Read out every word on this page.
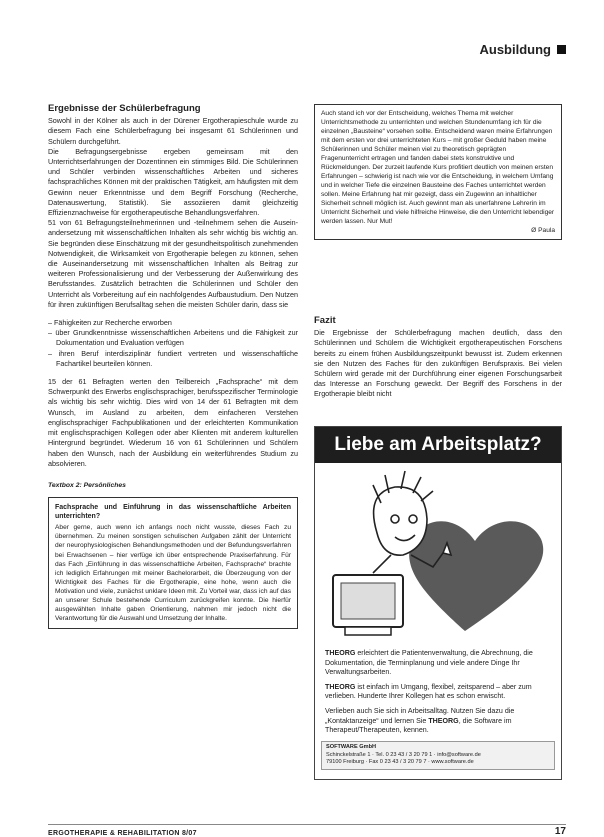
Ausbildung
Ergebnisse der Schülerbefragung

Sowohl in der Kölner als auch in der Dürener Ergotherapieschule wurde zu diesem Fach eine Schülerbefragung bei insgesamt 61 Schülerinnen und Schülern durchgeführt.

Die Befragungsergebnisse ergeben gemeinsam mit den Unterrichtserfahrungen der Dozentinnen ein stimmiges Bild. Die Schülerinnen und Schüler verbinden wissenschaftliches Arbeiten und sicheres fachsprachliches Können mit der praktischen Tätigkeit, am häufigsten mit dem Gewinn neuer Erkenntnisse und dem Begriff Forschung (Recherche, Datenauswertung, Statistik). Sie assoziieren damit gleichzeitig Effizienznachweise für ergotherapeutische Behandlungsverfahren.

51 von 61 Befragungsteilnehmerinnen und -teilnehmern sehen die Auseinandersetzung mit wissenschaftlichen Inhalten als sehr wichtig bis wichtig an. Sie begründen diese Einschätzung mit der gesundheitspolitisch zunehmenden Notwendigkeit, die Wirksamkeit von Ergotherapie belegen zu können, sehen die Auseinandersetzung mit wissenschaftlichen Inhalten als Beitrag zur weiteren Professionalisierung und der Verbesserung der Außenwirkung des Berufsstandes. Zusätzlich betrachten die Schülerinnen und Schüler den Unterricht als Vorbereitung auf ein nachfolgendes Aufbaustudium. Den Nutzen für ihren zukünftigen Berufsalltag sehen die meisten Schüler darin, dass sie

– Fähigkeiten zur Recherche erworben
– über Grundkenntnisse wissenschaftlichen Arbeitens und die Fähigkeit zur Dokumentation und Evaluation verfügen
– ihren Beruf interdisziplinär fundiert vertreten und wissenschaftliche Fachartikel beurteilen können.

15 der 61 Befragten werten den Teilbereich „Fachsprache“ mit dem Schwerpunkt des Erwerbs englischsprachiger, berufsspezifischer Terminologie als wichtig bis sehr wichtig. Dies wird von 14 der 61 Befragten mit dem Wunsch, im Ausland zu arbeiten, dem einfacheren Verstehen englischsprachiger Fachpublikationen und der erleichterten Kommunikation mit englischsprachigen Kollegen oder aber Klienten mit anderem kulturellen Hintergrund begründet. Wiederum 16 von 61 Schülerinnen und Schülern haben den Wunsch, nach der Ausbildung ein weiterführendes Studium zu absolvieren.

Textbox 2: Persönliches
Fachsprache und Einführung in das wissenschaftliche Arbeiten unterrichten?
Aber gerne, auch wenn ich anfangs noch nicht wusste, dieses Fach zu übernehmen. Zu meinen sonstigen schulischen Aufgaben zählt der Unterricht der neurophysiologischen Behandlungsmethoden und der Befundungsverfahren bei Erwachsenen – hier verfüge ich über entsprechende Praxiserfahrung. Für das Fach „Einführung in das wissenschaftliche Arbeiten, Fachsprache“ brachte ich lediglich Erfahrungen mit meiner Bachelorarbeit, die Überzeugung von der Wichtigkeit des Faches für die Ergotherapie, eine hohe, wenn auch die Motivation und viele, zunächst unklare Ideen mit. Zu Vorteil war, dass ich auf das an unserer Schule bestehende Curriculum zurückgreifen konnte. Die hierfür ausgewählten Inhalte gaben Orientierung, nahmen mir jedoch nicht die Verantwortung für die Auswahl und Umsetzung der Inhalte.
Auch stand ich vor der Entscheidung, welches Thema mit welcher Unterrichtsmethode zu unterrichten und welchen Stundenumfang ich für die einzelnen „Bausteine“ vorsehen sollte. Entscheidend waren meine Erfahrungen mit dem ersten vor drei unterrichteten Kurs – mit großer Geduld haben meine Schülerinnen und Schüler meinen viel zu theoretisch geprägten Fragenunterricht ertragen und fanden dabei stets konstruktive und Rückmeldungen. Der zurzeit laufende Kurs profitiert deutlich von meinen ersten Erfahrungen – schwierig ist nach wie vor die Entscheidung, in welchem Umfang und in welcher Tiefe die einzelnen Bausteine des Faches unterrichtet werden sollen. Meine Erfahrung hat mir gezeigt, dass ein Zugewinn an inhaltlicher Sicherheit schnell möglich ist. Auch gewinnt man als unerfahrene Lehrerin im Unterricht Sicherheit und viele hilfreiche Hinweise, die den Unterricht lebendiger werden lassen. Nur Mut!
Ø Paula
Fazit

Die Ergebnisse der Schülerbefragung machen deutlich, dass den Schülerinnen und Schülern die Wichtigkeit ergotherapeutischen Forschens bereits zu einem frühen Ausbildungszeitpunkt bewusst ist. Zudem erkennen sie den Nutzen des Faches für den zukünftigen Berufspraxis. Bei vielen Schülern wird gerade mit der Durchführung einer eigenen Forschungsarbeit das Interesse an Forschung geweckt. Der Begriff des Forschens in der Ergotherapie bleibt nicht

Liebe am Arbeitsplatz?

THEORG erleichtert die Patientenverwaltung, die Abrechnung, die Dokumentation, die Terminplanung und viele andere Dinge Ihr Verwaltungsarbeiten.

THEORG ist einfach im Umgang, flexibel, zeitsparend – aber zum verlieben. Hunderte Ihrer Kollegen hat es schon erwischt.

Verlieben auch Sie sich in Arbeitsalltag. Nutzen Sie dazu die „Kontaktanzeige“ und lernen Sie THEORG, die Software im Therapeut/Therapeuten, kennen.

SOFTWARE GmbH
Schinckelstraße 1 · Tel. 0 23 43 / 3 20 79 1 · info@software.de
79100 Freiburg · Fax 0 23 43 / 3 20 79 7 · www.software.de
ERGOTHERAPIE & REHABILITATION 8/07	17
